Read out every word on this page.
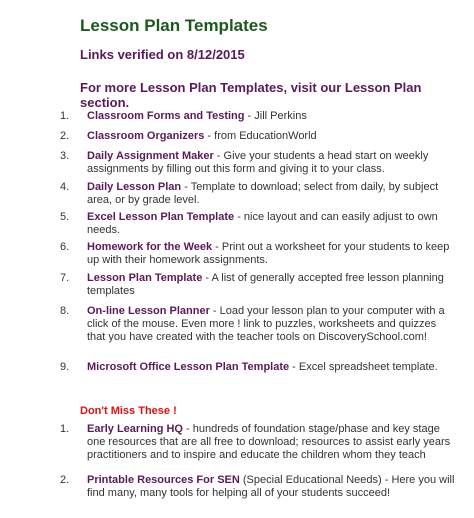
Lesson Plan Templates
Links verified on 8/12/2015
For more Lesson Plan Templates, visit our Lesson Plan section.
1.	Classroom Forms and Testing - Jill Perkins
2.	Classroom Organizers - from EducationWorld
3.	Daily Assignment Maker - Give your students a head start on weekly assignments by filling out this form and giving it to your class.
4.	Daily Lesson Plan - Template to download; select from daily, by subject area, or by grade level.
5.	Excel Lesson Plan Template - nice layout and can easily adjust to own needs.
6.	Homework for the Week - Print out a worksheet for your students to keep up with their homework assignments.
7.	Lesson Plan Template - A list of generally accepted free lesson planning templates
8.	On-line Lesson Planner - Load your lesson plan to your computer with a click of the mouse. Even more ! link to puzzles, worksheets and quizzes that you have created with the teacher tools on DiscoverySchool.com!
9.	Microsoft Office Lesson Plan Template - Excel spreadsheet template.
Don't Miss These !
1.	Early Learning HQ - hundreds of foundation stage/phase and key stage one resources that are all free to download; resources to assist early years practitioners and to inspire and educate the children whom they teach
2.	Printable Resources For SEN (Special Educational Needs) - Here you will find many, many tools for helping all of your students succeed!
